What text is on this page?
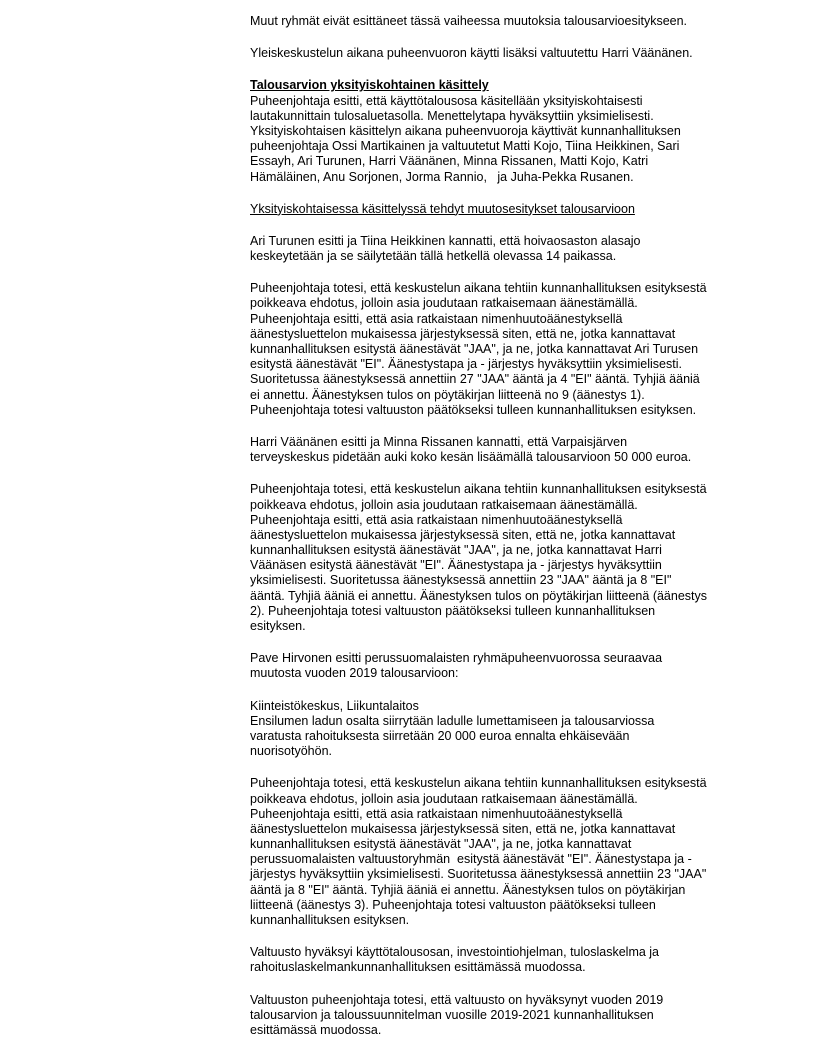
Muut ryhmät eivät esittäneet tässä vaiheessa muutoksia talousarvioesitykseen.
Yleiskeskustelun aikana puheenvuoron käytti lisäksi valtuutettu Harri Väänänen.
Talousarvion yksityiskohtainen käsittely
Puheenjohtaja esitti, että käyttötalousosa käsitellään yksityiskohtaisesti
lautakunnittain tulosaluetasolla. Menettelytapa hyväksyttiin yksimielisesti.
Yksityiskohtaisen käsittelyn aikana puheenvuoroja käyttivät kunnanhallituksen
puheenjohtaja Ossi Martikainen ja valtuutetut Matti Kojo, Tiina Heikkinen, Sari
Essayh, Ari Turunen, Harri Väänänen, Minna Rissanen, Matti Kojo, Katri
Hämäläinen, Anu Sorjonen, Jorma Rannio,   ja Juha-Pekka Rusanen.
Yksityiskohtaisessa käsittelyssä tehdyt muutosesitykset talousarvioon
Ari Turunen esitti ja Tiina Heikkinen kannatti, että hoivaosaston alasajo
keskeytetään ja se säilytetään tällä hetkellä olevassa 14 paikassa.
Puheenjohtaja totesi, että keskustelun aikana tehtiin kunnanhallituksen esityksestä
poikkeava ehdotus, jolloin asia joudutaan ratkaisemaan äänestämällä.
Puheenjohtaja esitti, että asia ratkaistaan nimenhuutoäänestyksellä
äänestysluettelon mukaisessa järjestyksessä siten, että ne, jotka kannattavat
kunnanhallituksen esitystä äänestävät "JAA", ja ne, jotka kannattavat Ari Turusen
esitystä äänestävät "EI". Äänestystapa ja - järjestys hyväksyttiin yksimielisesti.
Suoritetussa äänestyksessä annettiin 27 "JAA" ääntä ja 4 "EI" ääntä. Tyhjiä ääniä
ei annettu. Äänestyksen tulos on pöytäkirjan liitteenä no 9 (äänestys 1).
Puheenjohtaja totesi valtuuston päätökseksi tulleen kunnanhallituksen esityksen.
Harri Väänänen esitti ja Minna Rissanen kannatti, että Varpaisjärven
terveyskeskus pidetään auki koko kesän lisäämällä talousarvioon 50 000 euroa.
Puheenjohtaja totesi, että keskustelun aikana tehtiin kunnanhallituksen esityksestä
poikkeava ehdotus, jolloin asia joudutaan ratkaisemaan äänestämällä.
Puheenjohtaja esitti, että asia ratkaistaan nimenhuutoäänestyksellä
äänestysluettelon mukaisessa järjestyksessä siten, että ne, jotka kannattavat
kunnanhallituksen esitystä äänestävät "JAA", ja ne, jotka kannattavat Harri
Väänäsen esitystä äänestävät "EI". Äänestystapa ja - järjestys hyväksyttiin
yksimielisesti. Suoritetussa äänestyksessä annettiin 23 "JAA" ääntä ja 8 "EI"
ääntä. Tyhjiä ääniä ei annettu. Äänestyksen tulos on pöytäkirjan liitteenä (äänestys
2). Puheenjohtaja totesi valtuuston päätökseksi tulleen kunnanhallituksen
esityksen.
Pave Hirvonen esitti perussuomalaisten ryhmäpuheenvuorossa seuraavaa
muutosta vuoden 2019 talousarvioon:
Kiinteistökeskus, Liikuntalaitos
Ensilumen ladun osalta siirrytään ladulle lumettamiseen ja talousarviossa
varatusta rahoituksesta siirretään 20 000 euroa ennalta ehkäisevään
nuorisotyöhön.
Puheenjohtaja totesi, että keskustelun aikana tehtiin kunnanhallituksen esityksestä
poikkeava ehdotus, jolloin asia joudutaan ratkaisemaan äänestämällä.
Puheenjohtaja esitti, että asia ratkaistaan nimenhuutoäänestyksellä
äänestysluettelon mukaisessa järjestyksessä siten, että ne, jotka kannattavat
kunnanhallituksen esitystä äänestävät "JAA", ja ne, jotka kannattavat
perussuomalaisten valtuustoryhmän  esitystä äänestävät "EI". Äänestystapa ja -
järjestys hyväksyttiin yksimielisesti. Suoritetussa äänestyksessä annettiin 23 "JAA"
ääntä ja 8 "EI" ääntä. Tyhjiä ääniä ei annettu. Äänestyksen tulos on pöytäkirjan
liitteenä (äänestys 3). Puheenjohtaja totesi valtuuston päätökseksi tulleen
kunnanhallituksen esityksen.
Valtuusto hyväksyi käyttötalousosan, investointiohjelman, tuloslaskelma ja
rahoituslaskelmankunnanhallituksen esittämässä muodossa.
Valtuuston puheenjohtaja totesi, että valtuusto on hyväksynyt vuoden 2019
talousarvion ja taloussuunnitelman vuosille 2019-2021 kunnanhallituksen
esittämässä muodossa.
